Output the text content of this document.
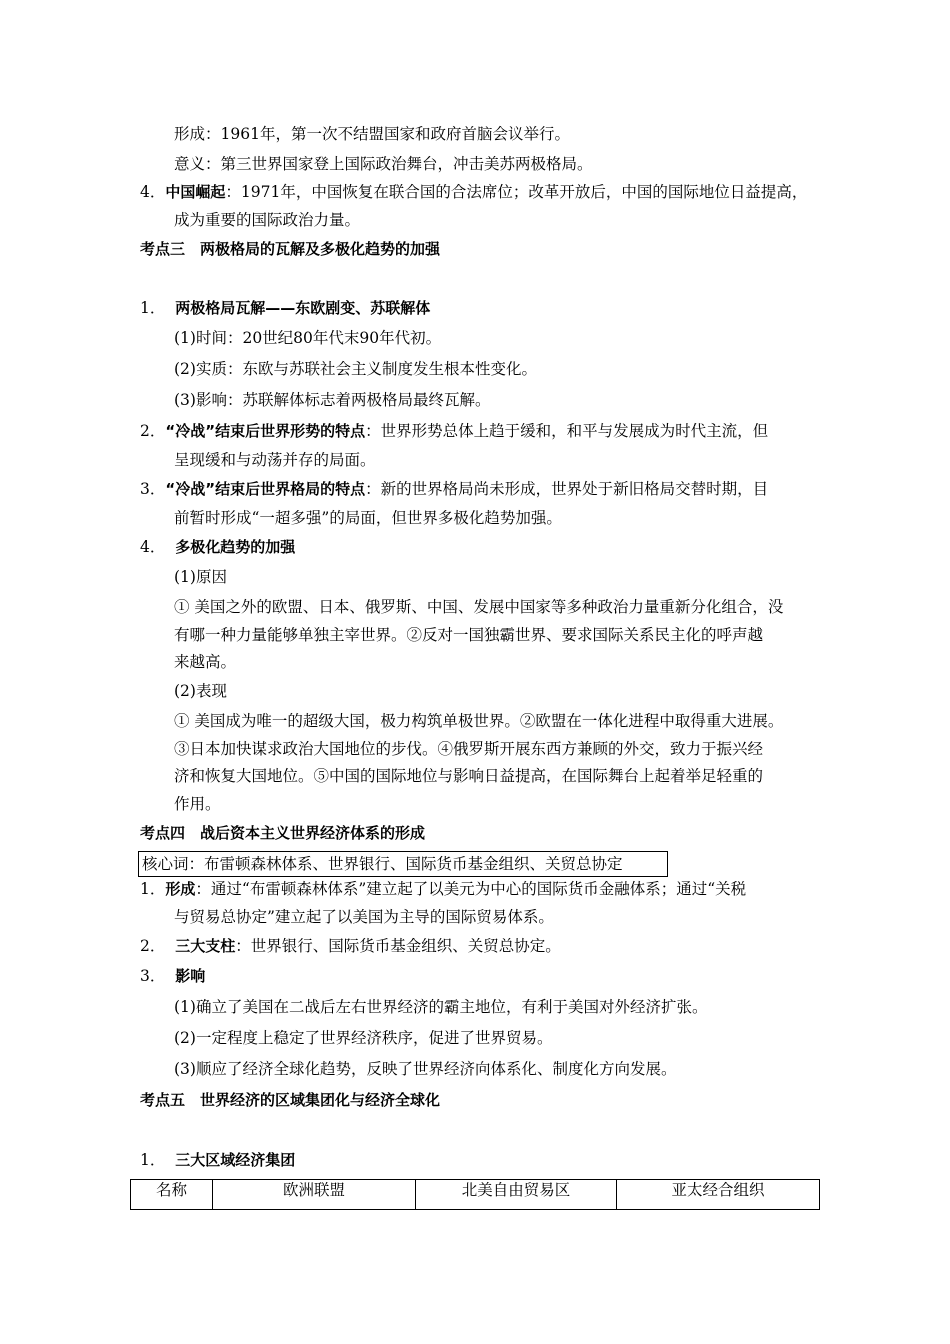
形成：1961年，第一次不结盟国家和政府首脑会议举行。
意义：第三世界国家登上国际政治舞台，冲击美苏两极格局。
4．中国崛起：1971年，中国恢复在联合国的合法席位；改革开放后，中国的国际地位日益提高，
成为重要的国际政治力量。
考点三　两极格局的瓦解及多极化趋势的加强
1． 两极格局瓦解——东欧剧变、苏联解体
(1)时间：20世纪80年代末90年代初。
(2)实质：东欧与苏联社会主义制度发生根本性变化。
(3)影响：苏联解体标志着两极格局最终瓦解。
2．“冷战”结束后世界形势的特点：世界形势总体上趋于缓和，和平与发展成为时代主流，但
呈现缓和与动荡并存的局面。
3．“冷战”结束后世界格局的特点：新的世界格局尚未形成，世界处于新旧格局交替时期，目
前暂时形成“一超多强”的局面，但世界多极化趋势加强。
4． 多极化趋势的加强
(1)原因
① 美国之外的欧盟、日本、俄罗斯、中国、发展中国家等多种政治力量重新分化组合，没
有哪一种力量能够单独主宰世界。②反对一国独霸世界、要求国际关系民主化的呼声越
来越高。
(2)表现
① 美国成为唯一的超级大国，极力构筑单极世界。②欧盟在一体化进程中取得重大进展。
③日本加快谋求政治大国地位的步伐。④俄罗斯开展东西方兼顾的外交，致力于振兴经
济和恢复大国地位。⑤中国的国际地位与影响日益提高，在国际舞台上起着举足轻重的
作用。
考点四　战后资本主义世界经济体系的形成
核心词：布雷顿森林体系、世界银行、国际货币基金组织、关贸总协定
1．形成：通过“布雷顿森林体系”建立起了以美元为中心的国际货币金融体系；通过“关税
与贸易总协定”建立起了以美国为主导的国际贸易体系。
2． 三大支柱：世界银行、国际货币基金组织、关贸总协定。
3． 影响
(1)确立了美国在二战后左右世界经济的霸主地位，有利于美国对外经济扩张。
(2)一定程度上稳定了世界经济秩序，促进了世界贸易。
(3)顺应了经济全球化趋势，反映了世界经济向体系化、制度化方向发展。
考点五　世界经济的区域集团化与经济全球化
1． 三大区域经济集团
名称	欧洲联盟	北美自由贸易区	亚太经合组织
